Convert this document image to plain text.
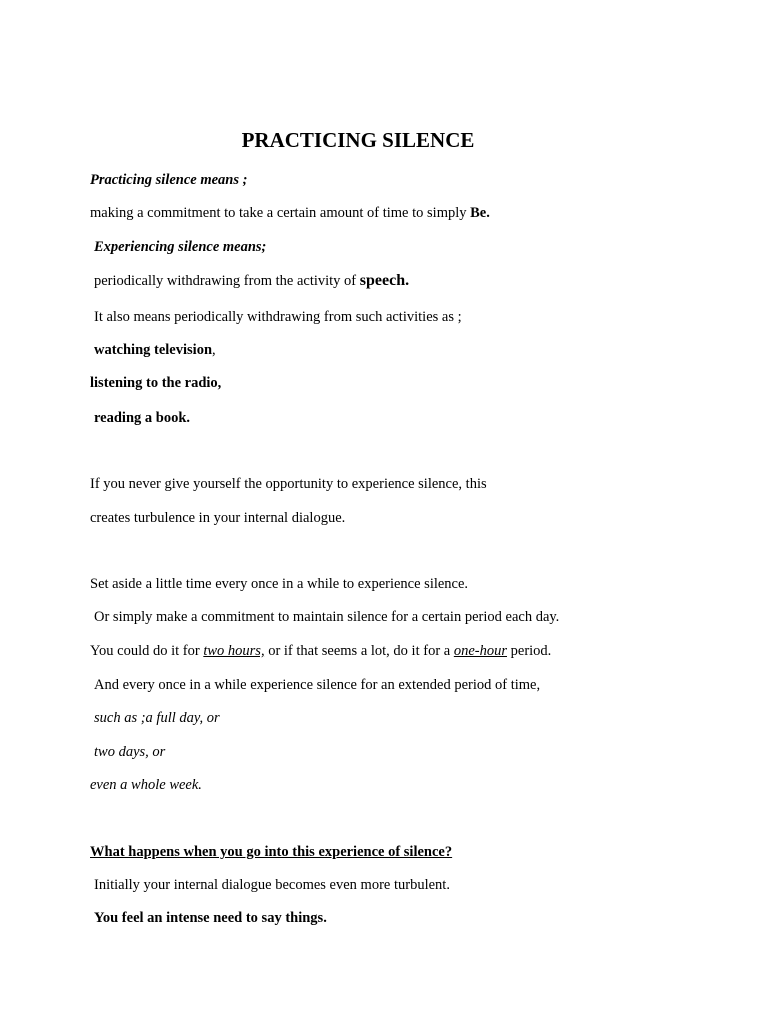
PRACTICING SILENCE

Practicing silence means ;

making a commitment to take a certain amount of time to simply Be.

Experiencing silence means;

periodically withdrawing from the activity of speech.

It also means periodically withdrawing from such activities as ;

watching television,

listening to the radio,

reading a book.

If you never give yourself the opportunity to experience silence, this

creates turbulence in your internal dialogue.

Set aside a little time every once in a while to experience silence.

Or simply make a commitment to maintain silence for a certain period each day.

You could do it for two hours, or if that seems a lot, do it for a one-hour period.

And every once in a while experience silence for an extended period of time,

such as ;a full day, or

two days, or

even a whole week.

What happens when you go into this experience of silence?

Initially your internal dialogue becomes even more turbulent.

You feel an intense need to say things.
